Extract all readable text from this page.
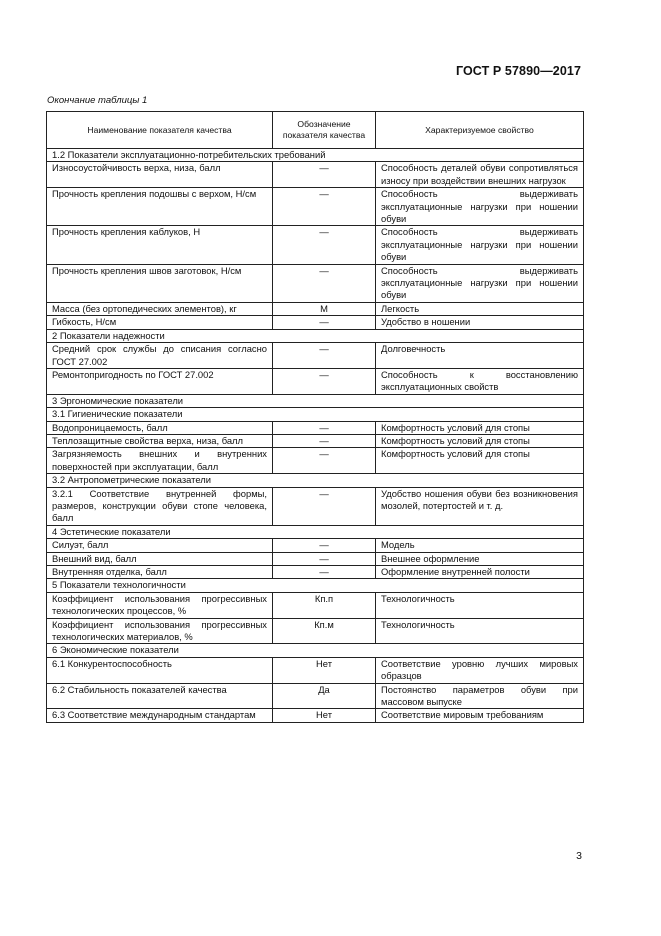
ГОСТ Р 57890—2017
Окончание таблицы 1
Наименование показателя качества	Обозначение показателя качества	Характеризуемое свойство
1.2 Показатели эксплуатационно-потребительских требований		
Износоустойчивость верха, низа, балл	—	Способность деталей обуви сопротивляться износу при воздействии внешних нагрузок
Прочность крепления подошвы с верхом, Н/см	—	Способность выдерживать эксплуатационные нагрузки при ношении обуви
Прочность крепления каблуков, Н	—	Способность выдерживать эксплуатационные нагрузки при ношении обуви
Прочность крепления швов заготовок, Н/см	—	Способность выдерживать эксплуатационные нагрузки при ношении обуви
Масса (без ортопедических элементов), кг	М	Легкость
Гибкость, Н/см	—	Удобство в ношении
2 Показатели надежности		
Средний срок службы до списания согласно ГОСТ 27.002	—	Долговечность
Ремонтопригодность по ГОСТ 27.002	—	Способность к восстановлению эксплуатационных свойств
3 Эргономические показатели		
3.1 Гигиенические показатели		
Водопроницаемость, балл	—	Комфортность условий для стопы
Теплозащитные свойства верха, низа, балл	—	Комфортность условий для стопы
Загрязняемость внешних и внутренних поверхностей при эксплуатации, балл	—	Комфортность условий для стопы
3.2 Антропометрические показатели		
3.2.1 Соответствие внутренней формы, размеров, конструкции обуви стопе человека, балл	—	Удобство ношения обуви без возникновения мозолей, потертостей и т. д.
4 Эстетические показатели		
Силуэт, балл	—	Модель
Внешний вид, балл	—	Внешнее оформление
Внутренняя отделка, балл	—	Оформление внутренней полости
5 Показатели технологичности		
Коэффициент использования прогрессивных технологических процессов, %	Кп.п	Технологичность
Коэффициент использования прогрессивных технологических материалов, %	Кп.м	Технологичность
6 Экономические показатели		
6.1 Конкурентоспособность	Нет	Соответствие уровню лучших мировых образцов
6.2 Стабильность показателей качества	Да	Постоянство параметров обуви при массовом выпуске
6.3 Соответствие международным стандартам	Нет	Соответствие мировым требованиям
3
